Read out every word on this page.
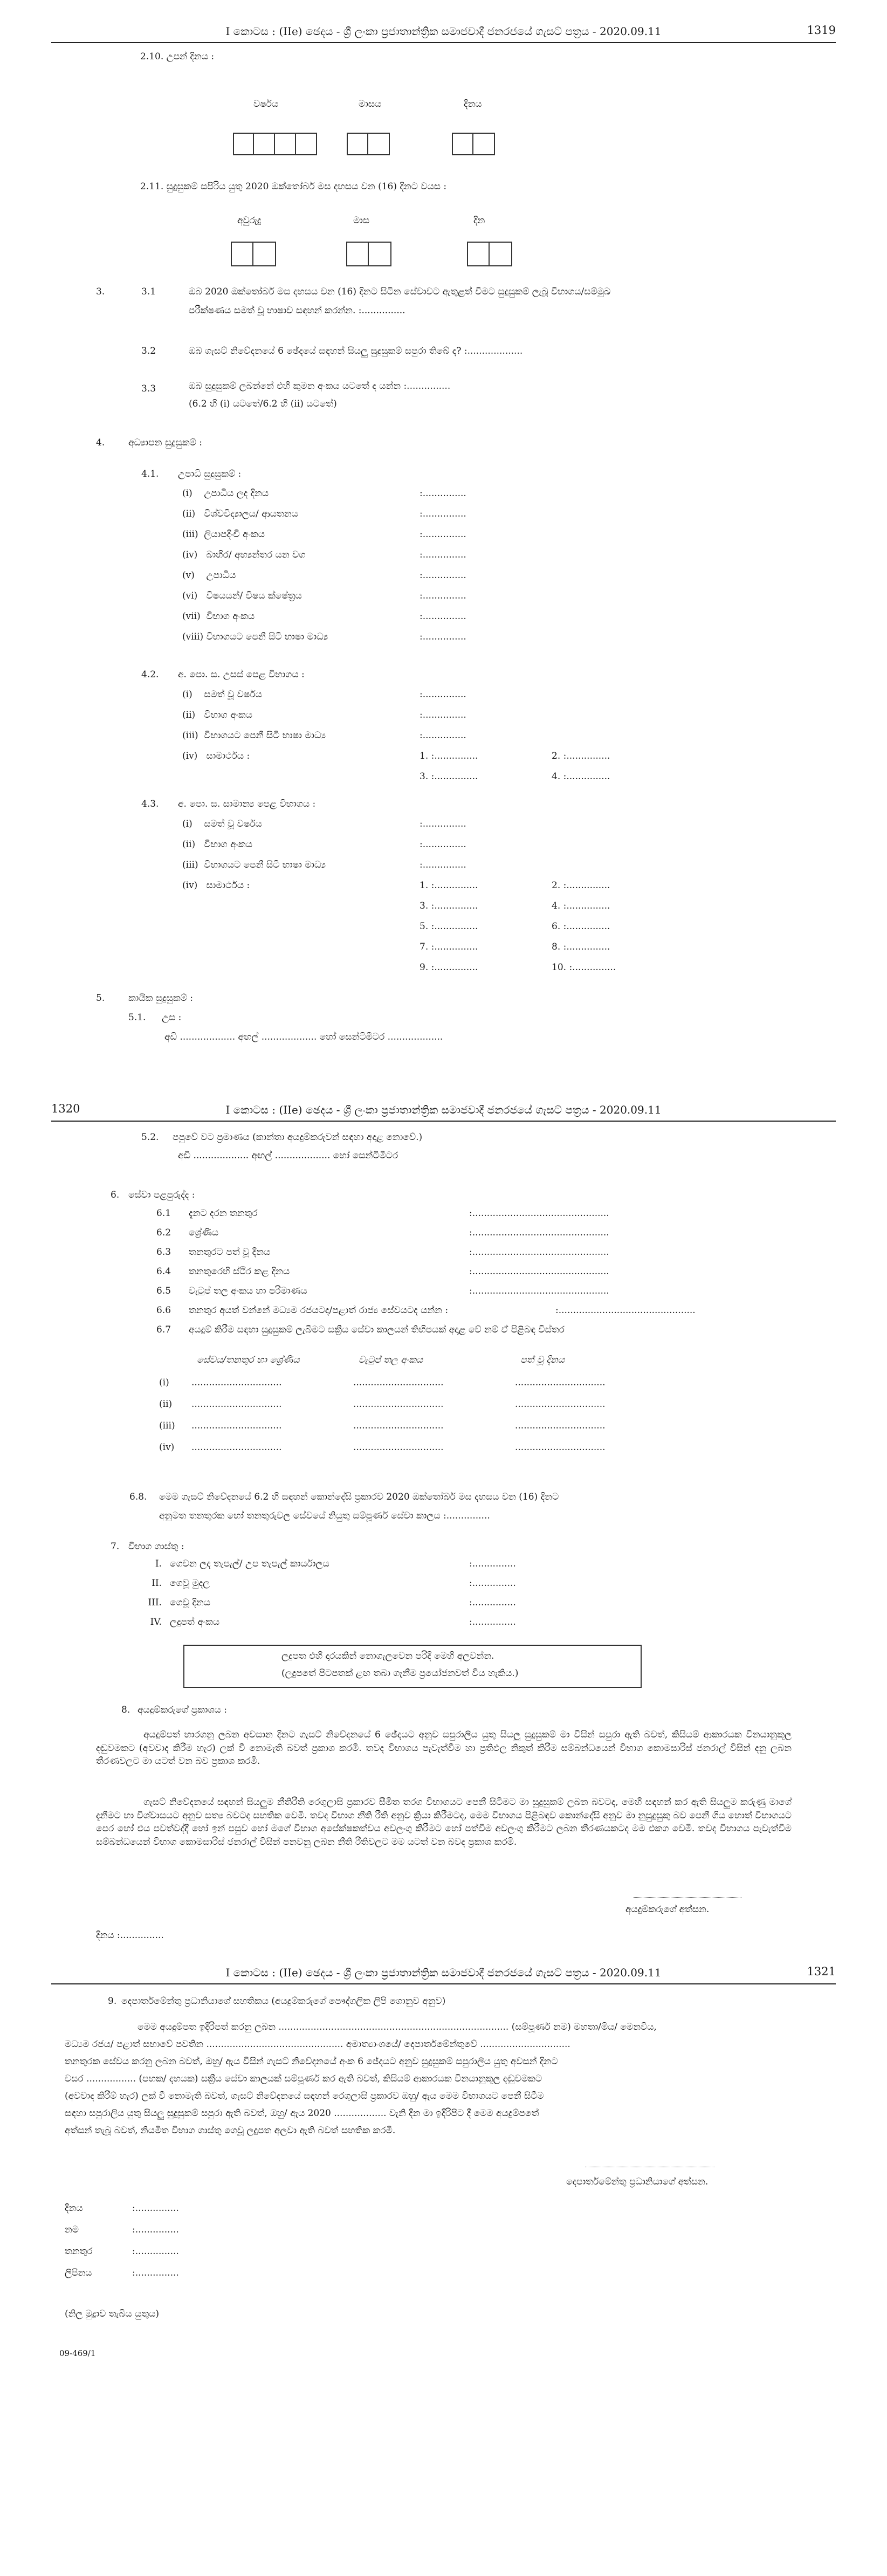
I කොටස : (IIe) ඡෙදය - ශ්‍රී ලංකා ප්‍රජාතාන්ත්‍රික සමාජවාදී ජනරජයේ ගැසට් පත්‍රය - 2020.09.11	1319
2.10. උපන් දිනය :
වර්ෂය	මාසය	දිනය
2.11. සුදුසුකම් සපිරිය යුතු 2020 ඔක්තෝබර් මස දහසය වන (16) දිනට වයස :
අවුරුදු	මාස	දින
3.	3.1	ඔබ 2020 ඔක්තෝබර් මස දහසය වන (16) දිනට සිටින සේවාවට ඇතුළත් වීමට සුදුසුකම් ලැබූ විභාගය/සම්මුඛ
පරීක්ෂණය සමත් වූ භාෂාව සඳහන් කරන්න. :...............
3.2	ඔබ ගැසට් නිවේදනයේ 6 ඡේදයේ සඳහන් සියලු සුදුසුකම් සපුරා තිබේ ද? :...................
3.3	ඔබ සුදුසුකම් ලබන්නේ එහි කුමන අංකය යටතේ ද යන්න :...............
(6.2 හි (i) යටතේ/6.2 හි (ii) යටතේ)
4.	අධ්‍යාපන සුදුසුකම් :
4.1. උපාධි සුදුසුකම් :
(i)    උපාධිය ලද දිනය	:...............
(ii)   විශ්වවිද්‍යාලය/ ආයතනය	:...............
(iii)  ලියාපදිංචි අංකය	:...............
(iv)   බාහිර/ අභ්‍යන්තර යන වග	:...............
(v)    උපාධිය	:...............
(vi)   විෂයයන්/ විෂය ක්ෂේත්‍රය	:...............
(vii)  විභාග අංකය	:...............
(viii) විභාගයට පෙනී සිටි භාෂා මාධ්‍ය	:...............
4.2. අ. පො. ස. උසස් පෙළ විභාගය :
(i)    සමත් වූ වර්ෂය	:...............
(ii)   විභාග අංකය	:...............
(iii)  විභාගයට පෙනී සිටි භාෂා මාධ්‍ය	:...............
(iv)   සාමාර්ථය :	1. :...............	2. :...............
3. :...............	4. :...............
4.3. අ. පො. ස. සාමාන්‍ය පෙළ විභාගය :
(i)    සමත් වූ වර්ෂය	:...............
(ii)   විභාග අංකය	:...............
(iii)  විභාගයට පෙනී සිටි භාෂා මාධ්‍ය	:...............
(iv)   සාමාර්ථය :	1. :...............	2. :...............
3. :...............	4. :...............
5. :...............	6. :...............
7. :...............	8. :...............
9. :...............	10. :...............
5.	කායික සුදුසුකම් :
5.1. උස :
අඩි ................... අඟල් ................... හෝ සෙන්ටිමීටර ...................
1320	I කොටස : (IIe) ඡෙදය - ශ්‍රී ලංකා ප්‍රජාතාන්ත්‍රික සමාජවාදී ජනරජයේ ගැසට් පත්‍රය - 2020.09.11
5.2. පපුවේ වට ප්‍රමාණය (කාන්තා අයදුම්කරුවන් සඳහා අදාළ නොවේ.)
අඩි ................... අඟල් ................... හෝ සෙන්ටිමීටර
6. සේවා පළපුරුද්ද :
6.1 දැනට දරන තනතුර	:...............................................
6.2 ශ්‍රේණිය	:...............................................
6.3 තනතුරට පත් වූ දිනය	:...............................................
6.4 තනතුරෙහි ස්ථිර කළ දිනය	:...............................................
6.5 වැටුප් තල අංකය හා පරිමාණය	:...............................................
6.6 තනතුර අයත් වන්නේ මධ්‍යම රජයටද/පළාත් රාජ්‍ය සේවයටද යන්න :	:...............................................
6.7 අයදුම් කිරීම සඳහා සුදුසුකම් ලැබීමට සක්‍රීය සේවා කාලයන් තිහිපයක් අදාළ වේ නම් ඒ පිළිබඳ විස්තර
සේවය/තනතුර හා ශ්‍රේණිය	වැටුප් තල අංකය	පත් වූ දිනය
(i) ...............................	...............................	...............................
(ii) ...............................	...............................	...............................
(iii) ...............................	...............................	...............................
(iv) ...............................	...............................	...............................
6.8. මෙම ගැසට් නිවේදනයේ 6.2 හි සඳහන් කොන්දේසි ප්‍රකාරව 2020 ඔක්තෝබර් මස දහසය වන (16) දිනට
අනුමත තනතුරක හෝ තනතුරුවල සේවයේ නියුතු සම්පූර්ණ සේවා කාලය :...............
7. විභාග ගාස්තු :
I. ගෙවන ලද තැපැල්/ උප තැපැල් කාර්යාලය	:...............
II. ගෙවූ මුදල	:...............
III. ගෙවූ දිනය	:...............
IV. ලදුපත් අංකය	:...............
ලදුපත එහි දාරයකින් නොගැලවෙන පරිදි මෙහි අලවන්න.
(ලදුපතේ පිටපතක් ළඟ තබා ගැනීම ප්‍රයෝජනවත් විය හැකිය.)
8. අයදුම්කරුගේ ප්‍රකාශය :
අයදුම්පත් භාරගනු ලබන අවසාන දිනට ගැසට් නිවේදනයේ 6 ඡේදයට අනුව සපුරාලිය යුතු සියලු සුදුසුකම් මා විසින් සපුරා ඇති බවත්, කිසියම් ආකාරයක විනයානුකූල දඬුවමකට (අවවාද කිරීම හැර) ලක් වී නොමැති බවත් ප්‍රකාශ කරමි. තවද විභාගය පැවැත්වීම හා ප්‍රතිඵල නිකුත් කිරීම සම්බන්ධයෙන් විභාග කොමසාරිස් ජනරාල් විසින් දනු ලබන තීරණවලට මා යටත් වන බව ප්‍රකාශ කරමි.
ගැසට් නිවේදනයේ සඳහන් සියලුම නීතිරීති රෙගුලාසි ප්‍රකාරව සීමිත තරග විභාගයට පෙනී සිටීමට මා සුදුසුකම් ලබන බවටද, මෙහි සඳහන් කර ඇති සියලුම කරුණු මාගේ දැනීමට හා විශ්වාසයට අනුව සත්‍ය බවටද සහතික වෙමි. තවද විභාග නීති රීති අනුව ක්‍රියා කිරීමටද, මෙම විභාගය පිළිබඳව කොන්දේසි අනුව මා නුසුදුසුකු බව පෙනී ගිය හොත් විභාගයට පෙර හෝ එය පවත්වද්දී හෝ ඉන් පසුව හෝ මගේ විභාග අපේක්ෂකත්වය අවලංගු කිරීමට හෝ පත්වීම අවලංගු කිරීමට ලබන තීරණයකටද මම එකග වෙමි. තවද විභාගය පැවැත්වීම සම්බන්ධයෙන් විභාග කොමසාරිස් ජනරාල් විසින් පනවනු ලබන නීති රීතිවලට මම යටත් වන බවද ප්‍රකාශ කරමි.
අයදුම්කරුගේ අත්සන.
දිනය :...............
I කොටස : (IIe) ඡෙදය - ශ්‍රී ලංකා ප්‍රජාතාන්ත්‍රික සමාජවාදී ජනරජයේ ගැසට් පත්‍රය - 2020.09.11	1321
9. දෙපාර්තමේන්තු ප්‍රධානියාගේ සහතිකය (අයදුම්කරුගේ පෞද්ගලික ලිපි ගොනුව අනුව)
මෙම අයදුම්පත ඉදිරිපත් කරනු ලබන ............................................................................... (සම්පූර්ණ නම) මහතා/මිය/ මෙනවිය,
මධ්‍යම රජය/ පළාත් සභාවේ පවතින ............................................... අමාත්‍යාංශයේ/ දෙපාර්තමේන්තුවේ ...............................
තනතුරක සේවය කරනු ලබන බවත්, ඔහු/ ඇය විසින් ගැසට් නිවේදනයේ අංක 6 ඡේදයට අනුව සුදුසුකම් සපුරාලිය යුතු අවසන් දිනට
වසර ................. (පහක/ දහයක) සක්‍රීය සේවා කාලයක් සම්පූර්ණ කර ඇති බවත්, කිසියම් ආකාරයක විනයානුකූල දඬුවමකට
(අවවාද කිරීම් හැර) ලක් වී නොමැති බවත්, ගැසට් නිවේදනයේ සඳහන් රෙගුලාසි ප්‍රකාරව ඔහු/ ඇය මෙම විභාගයට පෙනී සිටීම
සඳහා සපුරාලිය යුතු සියලු සුදුසුකම් සපුරා ඇති බවත්, ඔහු/ ඇය 2020 .................. වැනි දින මා ඉදිරිපිට දී මෙම අයදුම්පතේ
අත්සන් තැබූ බවත්, නියමිත විභාග ගාස්තු ගෙවූ ලදුපත අලවා ඇති බවත් සහතික කරමි.
දෙපාර්තමේන්තු ප්‍රධානියාගේ අත්සන.
දිනය	:...............
නම	:...............
තනතුර	:...............
ලිපිනය	:...............
(නිල මුද්‍රාව තැබිය යුතුය)
09-469/1
